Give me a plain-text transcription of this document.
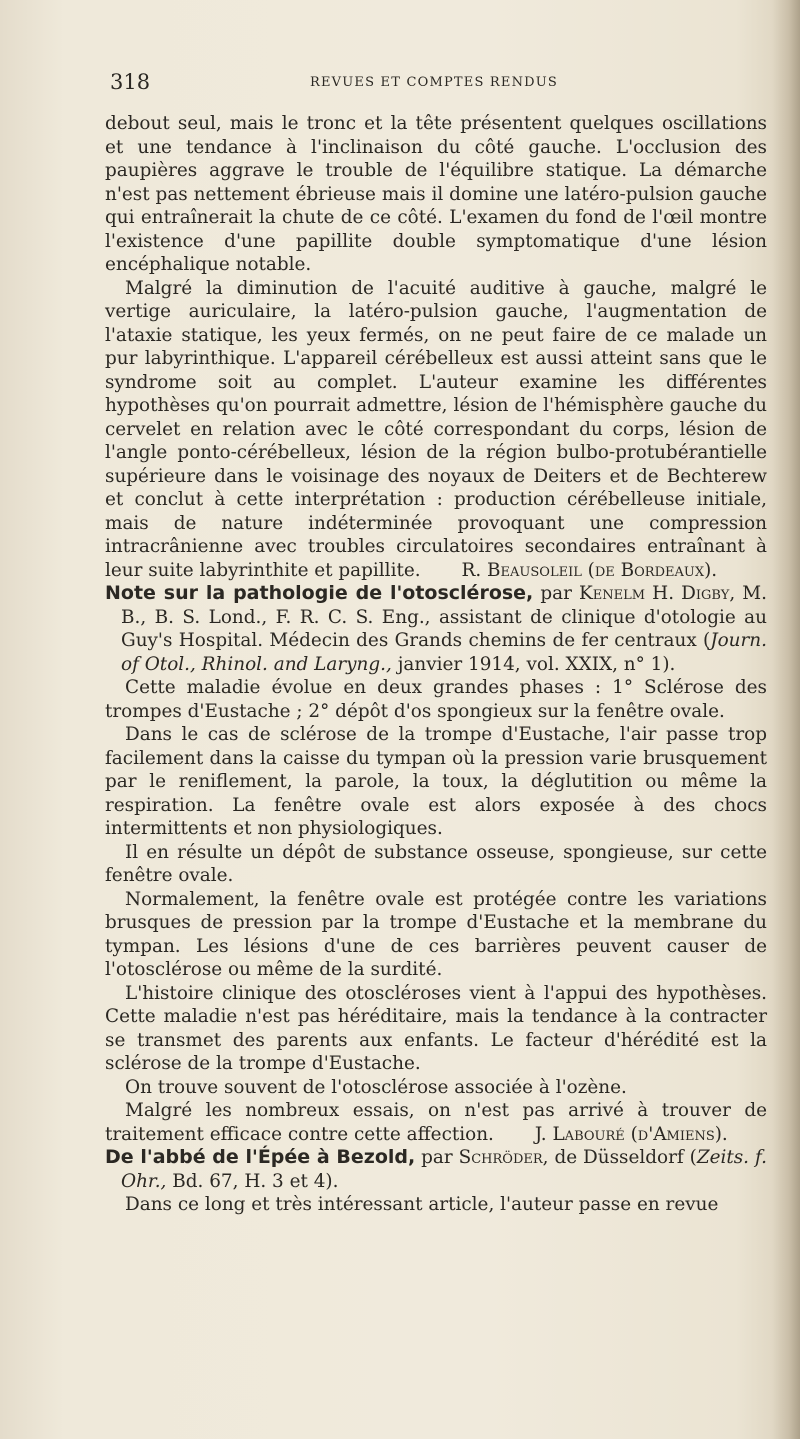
318	REVUES ET COMPTES RENDUS

debout seul, mais le tronc et la tête présentent quelques oscillations et une tendance à l'inclinaison du côté gauche. L'occlusion des paupières aggrave le trouble de l'équilibre statique. La démarche n'est pas nettement ébrieuse mais il domine une latéro-pulsion gauche qui entraînerait la chute de ce côté. L'examen du fond de l'œil montre l'existence d'une papillite double symptomatique d'une lésion encéphalique notable.

Malgré la diminution de l'acuité auditive à gauche, malgré le vertige auriculaire, la latéro-pulsion gauche, l'augmentation de l'ataxie statique, les yeux fermés, on ne peut faire de ce malade un pur labyrinthique. L'appareil cérébelleux est aussi atteint sans que le syndrome soit au complet. L'auteur examine les différentes hypothèses qu'on pourrait admettre, lésion de l'hémisphère gauche du cervelet en relation avec le côté correspondant du corps, lésion de l'angle ponto-cérébelleux, lésion de la région bulbo-protubérantielle supérieure dans le voisinage des noyaux de Deiters et de Bechterew et conclut à cette interprétation : production cérébelleuse initiale, mais de nature indéterminée provoquant une compression intracrânienne avec troubles circulatoires secondaires entraînant à leur suite labyrinthite et papillite. R. Beausoleil (de Bordeaux).

Note sur la pathologie de l'otosclérose, par Kenelm H. Digby, M. B., B. S. Lond., F. R. C. S. Eng., assistant de clinique d'otologie au Guy's Hospital. Médecin des Grands chemins de fer centraux (Journ. of Otol., Rhinol. and Laryng., janvier 1914, vol. XXIX, n° 1).

Cette maladie évolue en deux grandes phases : 1° Sclérose des trompes d'Eustache ; 2° dépôt d'os spongieux sur la fenêtre ovale.

Dans le cas de sclérose de la trompe d'Eustache, l'air passe trop facilement dans la caisse du tympan où la pression varie brusquement par le reniflement, la parole, la toux, la déglutition ou même la respiration. La fenêtre ovale est alors exposée à des chocs intermittents et non physiologiques.

Il en résulte un dépôt de substance osseuse, spongieuse, sur cette fenêtre ovale.

Normalement, la fenêtre ovale est protégée contre les variations brusques de pression par la trompe d'Eustache et la membrane du tympan. Les lésions d'une de ces barrières peuvent causer de l'otosclérose ou même de la surdité.

L'histoire clinique des otoscléroses vient à l'appui des hypothèses. Cette maladie n'est pas héréditaire, mais la tendance à la contracter se transmet des parents aux enfants. Le facteur d'hérédité est la sclérose de la trompe d'Eustache.

On trouve souvent de l'otosclérose associée à l'ozène.

Malgré les nombreux essais, on n'est pas arrivé à trouver de traitement efficace contre cette affection. J. Labouré (d'Amiens).

De l'abbé de l'Épée à Bezold, par Schröder, de Düsseldorf (Zeits. f. Ohr., Bd. 67, H. 3 et 4).

Dans ce long et très intéressant article, l'auteur passe en revue
